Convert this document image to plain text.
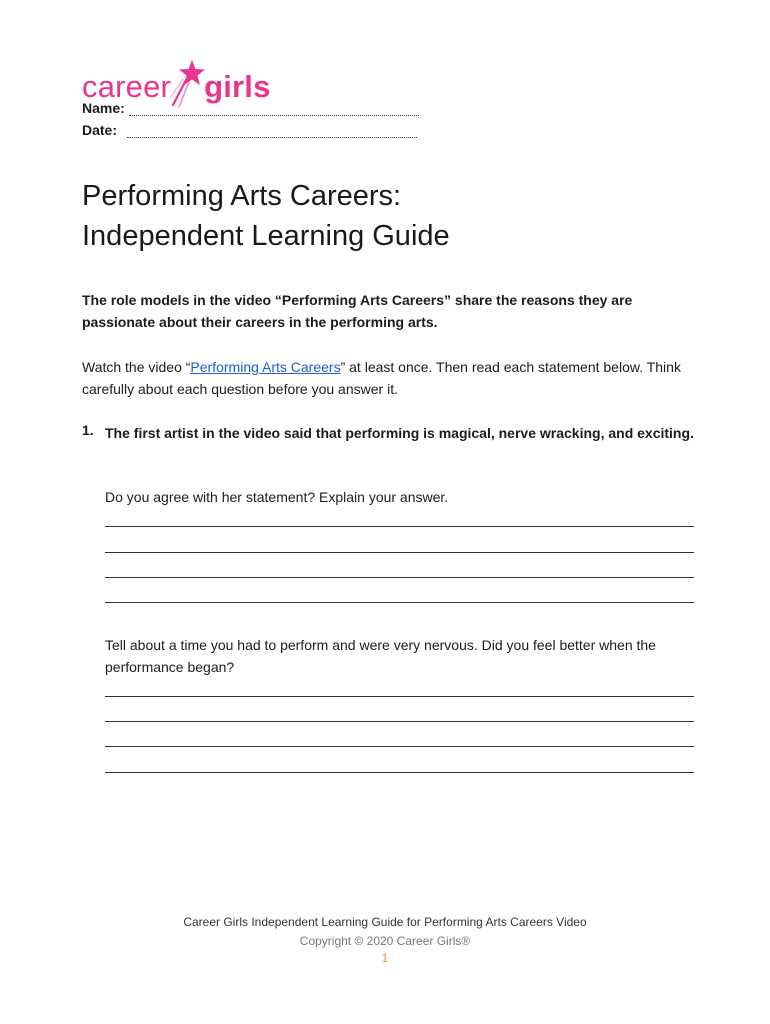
career girls
Name:
Date:
Performing Arts Careers:
Independent Learning Guide

The role models in the video “Performing Arts Careers” share the reasons they are passionate about their careers in the performing arts.

Watch the video “Performing Arts Careers” at least once. Then read each statement below. Think carefully about each question before you answer it.

1. The first artist in the video said that performing is magical, nerve wracking, and exciting.

Do you agree with her statement? Explain your answer.

Tell about a time you had to perform and were very nervous. Did you feel better when the performance began?

Career Girls Independent Learning Guide for Performing Arts Careers Video
Copyright © 2020 Career Girls®
1
